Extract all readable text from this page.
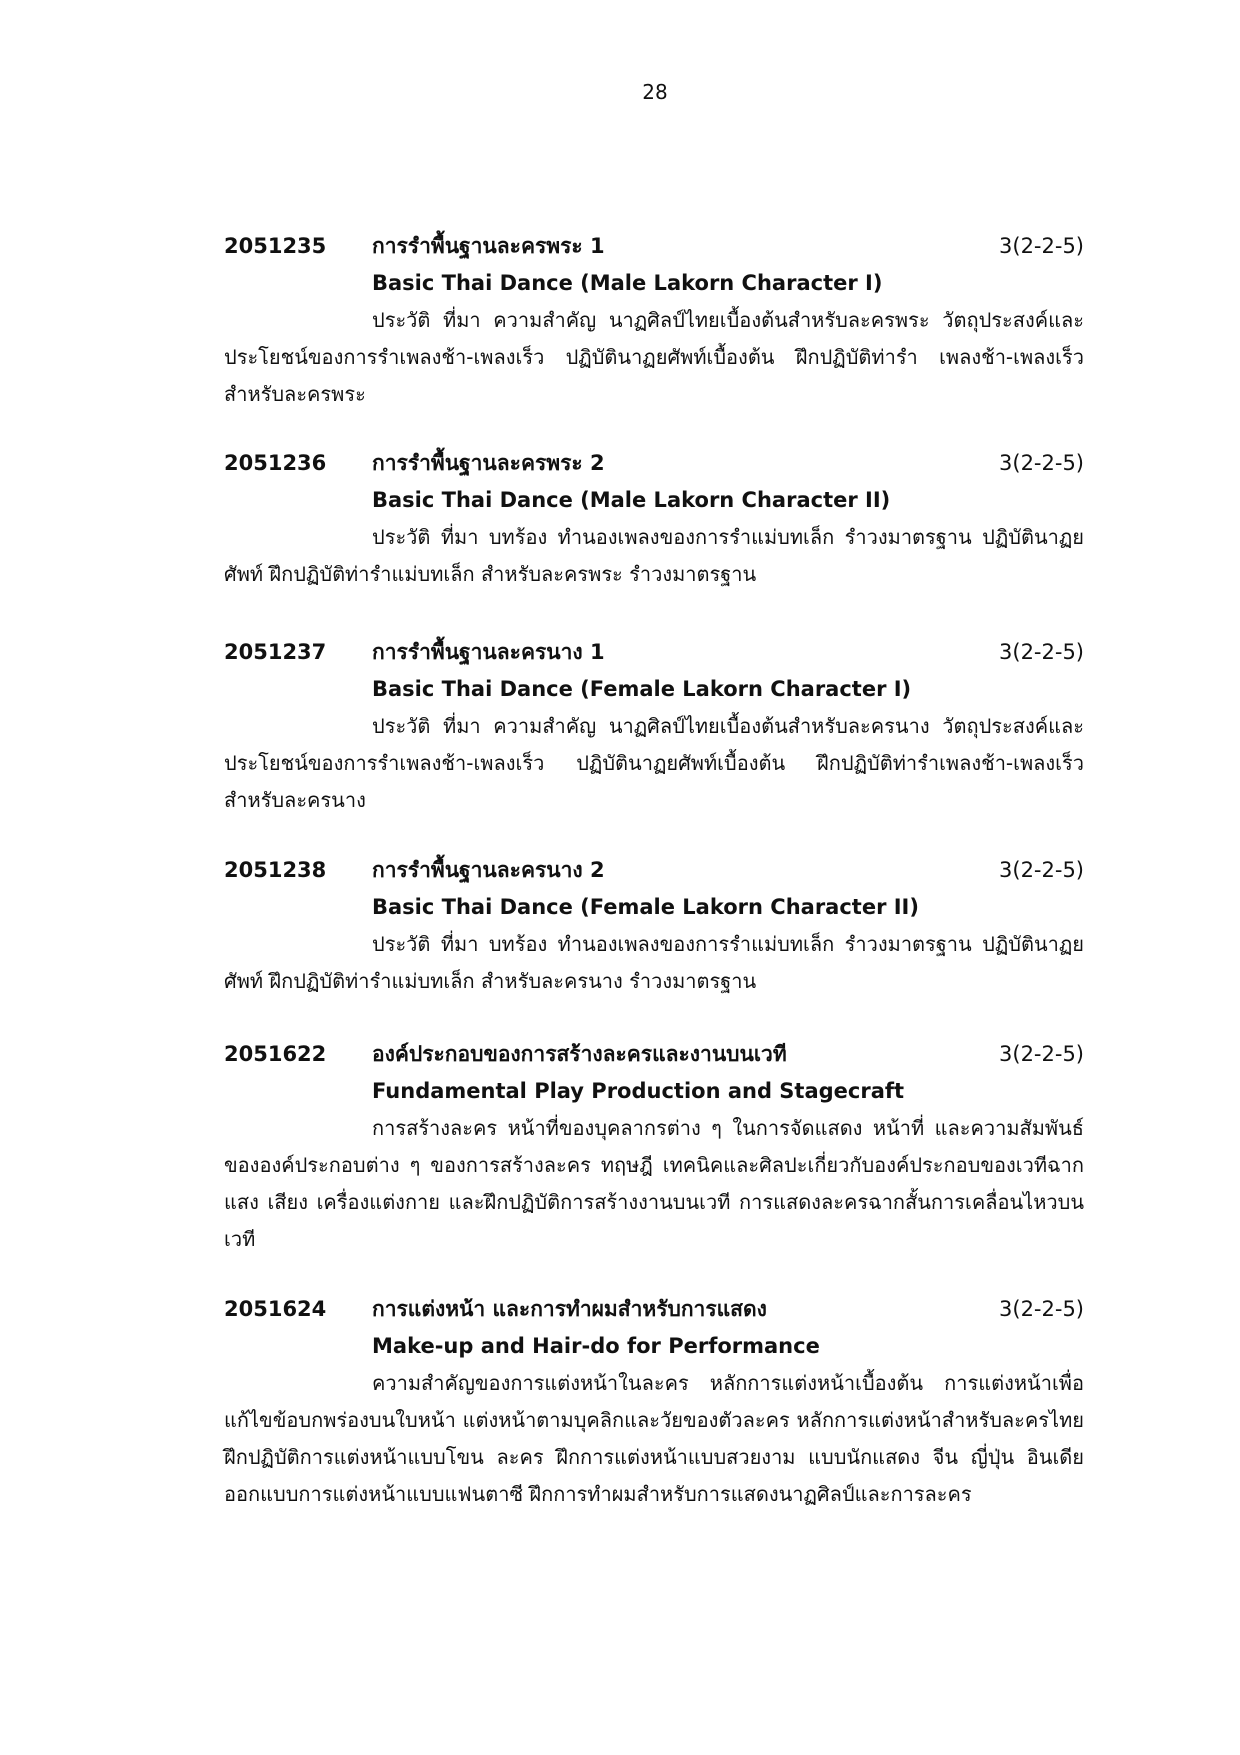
28
2051235 การรำพื้นฐานละครพระ 1	3(2-2-5)
Basic Thai Dance (Male Lakorn Character I)

ประวัติ ที่มา ความสำคัญ นาฏศิลป์ไทยเบื้องต้นสำหรับละครพระ วัตถุประสงค์และประโยชน์ของการรำเพลงช้า-เพลงเร็ว ปฏิบัตินาฏยศัพท์เบื้องต้น ฝึกปฏิบัติท่ารำ เพลงช้า-เพลงเร็วสำหรับละครพระ

2051236 การรำพื้นฐานละครพระ 2	3(2-2-5)
Basic Thai Dance (Male Lakorn Character II)

ประวัติ ที่มา บทร้อง ทำนองเพลงของการรำแม่บทเล็ก รำวงมาตรฐาน ปฏิบัตินาฏยศัพท์ ฝึกปฏิบัติท่ารำแม่บทเล็ก สำหรับละครพระ รำวงมาตรฐาน

2051237 การรำพื้นฐานละครนาง 1	3(2-2-5)
Basic Thai Dance (Female Lakorn Character I)

ประวัติ ที่มา ความสำคัญ นาฏศิลป์ไทยเบื้องต้นสำหรับละครนาง วัตถุประสงค์และประโยชน์ของการรำเพลงช้า-เพลงเร็ว ปฏิบัตินาฏยศัพท์เบื้องต้น ฝึกปฏิบัติท่ารำเพลงช้า-เพลงเร็วสำหรับละครนาง

2051238 การรำพื้นฐานละครนาง 2	3(2-2-5)
Basic Thai Dance (Female Lakorn Character II)

ประวัติ ที่มา บทร้อง ทำนองเพลงของการรำแม่บทเล็ก รำวงมาตรฐาน ปฏิบัตินาฏยศัพท์ ฝึกปฏิบัติท่ารำแม่บทเล็ก สำหรับละครนาง รำวงมาตรฐาน

2051622 องค์ประกอบของการสร้างละครและงานบนเวที	3(2-2-5)
Fundamental Play Production and Stagecraft

การสร้างละคร หน้าที่ของบุคลากรต่าง ๆ ในการจัดแสดง หน้าที่ และความสัมพันธ์ขององค์ประกอบต่าง ๆ ของการสร้างละคร ทฤษฎี เทคนิคและศิลปะเกี่ยวกับองค์ประกอบของเวทีฉาก แสง เสียง เครื่องแต่งกาย และฝึกปฏิบัติการสร้างงานบนเวที การแสดงละครฉากสั้นการเคลื่อนไหวบนเวที

2051624 การแต่งหน้า และการทำผมสำหรับการแสดง	3(2-2-5)
Make-up and Hair-do for Performance

ความสำคัญของการแต่งหน้าในละคร หลักการแต่งหน้าเบื้องต้น การแต่งหน้าเพื่อแก้ไขข้อบกพร่องบนใบหน้า แต่งหน้าตามบุคลิกและวัยของตัวละคร หลักการแต่งหน้าสำหรับละครไทย ฝึกปฏิบัติการแต่งหน้าแบบโขน ละคร ฝึกการแต่งหน้าแบบสวยงาม แบบนักแสดง จีน ญี่ปุ่น อินเดีย ออกแบบการแต่งหน้าแบบแฟนตาซี ฝึกการทำผมสำหรับการแสดงนาฏศิลป์และการละคร
